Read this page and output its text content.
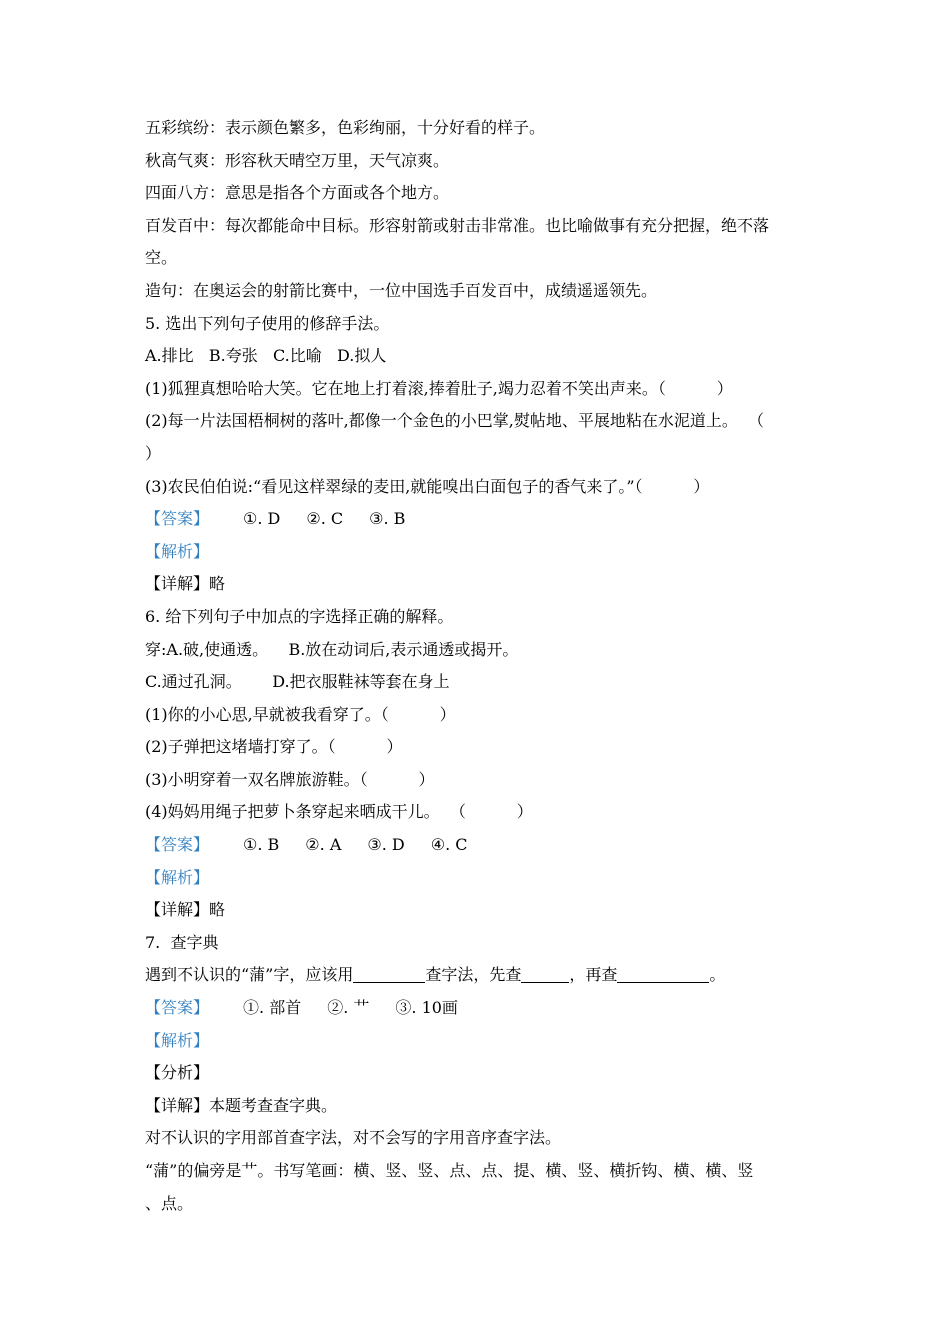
五彩缤纷：表示颜色繁多，色彩绚丽，十分好看的样子。
秋高气爽：形容秋天晴空万里，天气凉爽。
四面八方：意思是指各个方面或各个地方。
百发百中：每次都能命中目标。形容射箭或射击非常准。也比喻做事有充分把握，绝不落
空。
造句：在奥运会的射箭比赛中，一位中国选手百发百中，成绩遥遥领先。
5. 选出下列句子使用的修辞手法。
A.排比   B.夸张   C.比喻   D.拟人
(1)狐狸真想哈哈大笑。它在地上打着滚,捧着肚子,竭力忍着不笑出声来。（          ）
(2)每一片法国梧桐树的落叶,都像一个金色的小巴掌,熨帖地、平展地粘在水泥道上。  （
）
(3)农民伯伯说:“看见这样翠绿的麦田,就能嗅出白面包子的香气来了。”（          ）
【答案】 ①. D ②. C ③. B
【解析】
【详解】略
6. 给下列句子中加点的字选择正确的解释。
穿:A.破,使通透。    B.放在动词后,表示通透或揭开。
C.通过孔洞。      D.把衣服鞋袜等套在身上
(1)你的小心思,早就被我看穿了。（          ）
(2)子弹把这堵墙打穿了。（          ）
(3)小明穿着一双名牌旅游鞋。（          ）
(4)妈妈用绳子把萝卜条穿起来晒成干儿。  （          ）
【答案】 ①. B ②. A ③. D ④. C
【解析】
【详解】略
7.  查字典
遇到不认识的“蒲”字，应该用	查字法，先查	，再查	。
【答案】 ①. 部首 ②. 艹 ③. 10画
【解析】
【分析】
【详解】本题考查查字典。
对不认识的字用部首查字法，对不会写的字用音序查字法。
“蒲”的偏旁是艹。书写笔画：横、竖、竖、点、点、提、横、竖、横折钩、横、横、竖
、点。
